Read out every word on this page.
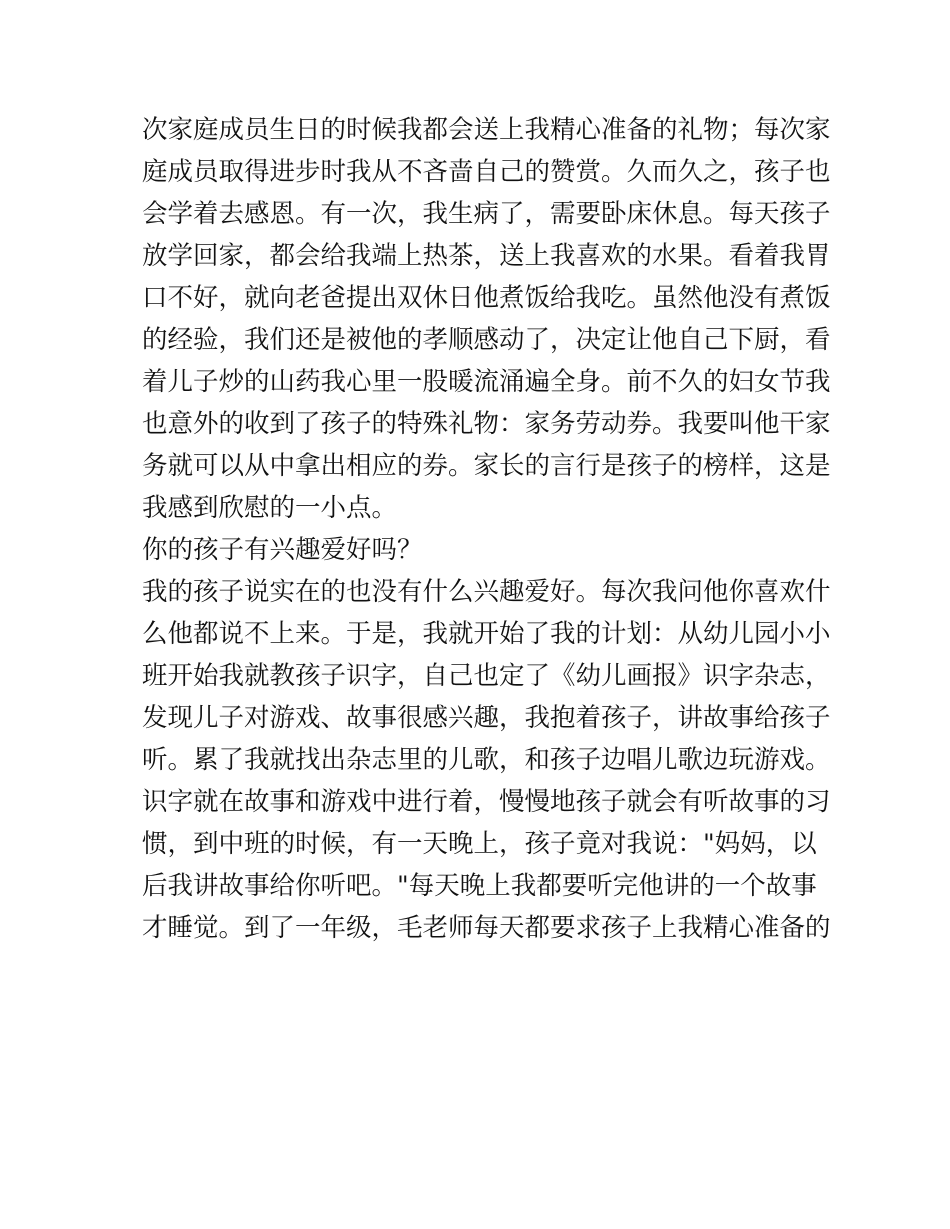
次家庭成员生日的时候我都会送上我精心准备的礼物；每次家
庭成员取得进步时我从不吝啬自己的赞赏。久而久之，孩子也
会学着去感恩。有一次，我生病了，需要卧床休息。每天孩子
放学回家，都会给我端上热茶，送上我喜欢的水果。看着我胃
口不好，就向老爸提出双休日他煮饭给我吃。虽然他没有煮饭
的经验，我们还是被他的孝顺感动了，决定让他自己下厨，看
着儿子炒的山药我心里一股暖流涌遍全身。前不久的妇女节我
也意外的收到了孩子的特殊礼物：家务劳动券。我要叫他干家
务就可以从中拿出相应的券。家长的言行是孩子的榜样，这是
我感到欣慰的一小点。
你的孩子有兴趣爱好吗？
我的孩子说实在的也没有什么兴趣爱好。每次我问他你喜欢什
么他都说不上来。于是，我就开始了我的计划：从幼儿园小小
班开始我就教孩子识字，自己也定了《幼儿画报》识字杂志，
发现儿子对游戏、故事很感兴趣，我抱着孩子，讲故事给孩子
听。累了我就找出杂志里的儿歌，和孩子边唱儿歌边玩游戏。
识字就在故事和游戏中进行着，慢慢地孩子就会有听故事的习
惯，到中班的时候，有一天晚上，孩子竟对我说："妈妈，以
后我讲故事给你听吧。"每天晚上我都要听完他讲的一个故事
才睡觉。到了一年级，毛老师每天都要求孩子上我精心准备的
